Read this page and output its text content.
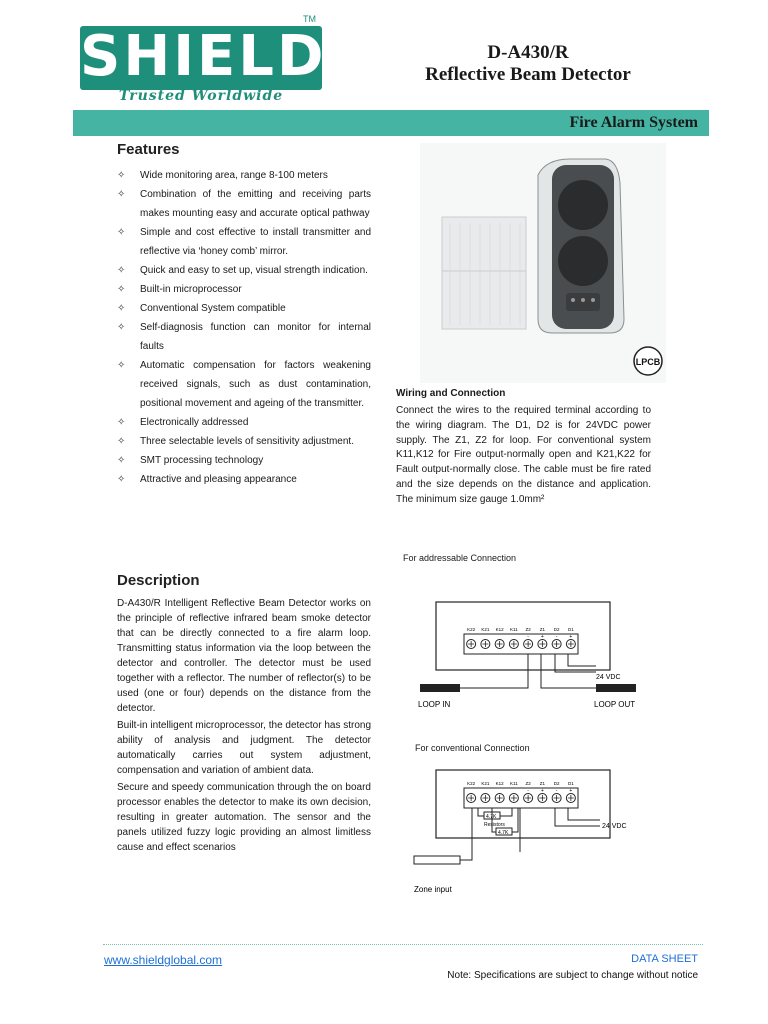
SHIELD
TM
Trusted Worldwide
D-A430/R
Reflective Beam Detector
Fire Alarm System
Features
✧ Wide monitoring area, range 8-100 meters
✧ Combination of the emitting and receiving parts makes mounting easy and accurate optical pathway
✧ Simple and cost effective to install transmitter and reflective via ‘honey comb’ mirror.
✧ Quick and easy to set up, visual strength indication.
✧ Built-in microprocessor
✧ Conventional System compatible
✧ Self-diagnosis function can monitor for internal faults
✧ Automatic compensation for factors weakening received signals, such as dust contamination, positional movement and ageing of the transmitter.
✧ Electronically addressed
✧ Three selectable levels of sensitivity adjustment.
✧ SMT processing technology
✧ Attractive and pleasing appearance
Description

D-A430/R Intelligent Reflective Beam Detector works on the principle of reflective infrared beam smoke detector that can be directly connected to a fire alarm loop. Transmitting status information via the loop between the detector and controller. The detector must be used together with a reflector. The number of reflector(s) to be used (one or four) depends on the distance from the detector.

Built-in intelligent microprocessor, the detector has strong ability of analysis and judgment. The detector automatically carries out system adjustment, compensation and variation of ambient data.

Secure and speedy communication through the on board processor enables the detector to make its own decision, resulting in greater automation. The sensor and the panels utilized fuzzy logic providing an almost limitless cause and effect scenarios

LPCB
Wiring and Connection
Connect the wires to the required terminal according to the wiring diagram. The D1, D2 is for 24VDC power supply. The Z1, Z2 for loop. For conventional system K11,K12 for Fire output-normally open and K21,K22 for Fault output-normally close. The cable must be fire rated and the size depends on the distance and application. The minimum size gauge 1.0mm²
For addressable Connection
K22 K21 K12 K11 Z2 Z1 D2 D1
- + - +
24 VDC
LOOP IN	LOOP OUT
For conventional Connection
K22 K21 K12 K11 Z2 Z1 D2 D1
- + - +
4.7K
4.7K
Resistors
Zone input
24 VDC
www.shieldglobal.com	DATA SHEET
Note: Specifications are subject to change without notice
